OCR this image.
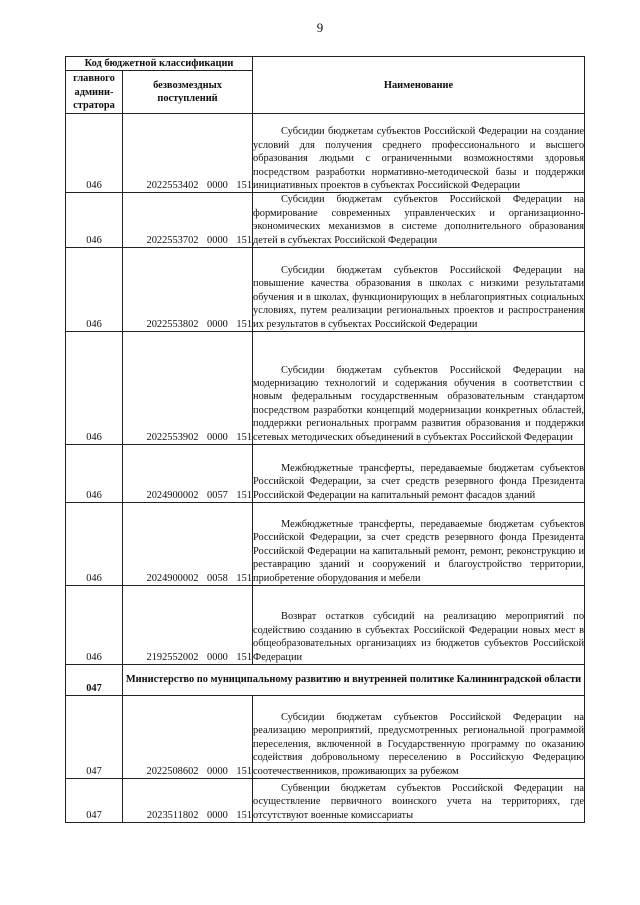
9
Код бюджетной классификации		Наименование
главного админи-стратора	безвозмездных поступлений	
046	2022553402 0000 151	Субсидии бюджетам субъектов Российской Федерации на создание условий для получения среднего профессионального и высшего образования людьми с ограниченными возможностями здоровья посредством разработки нормативно-методической базы и поддержки инициативных проектов в субъектах Российской Федерации
046	2022553702 0000 151	Субсидии бюджетам субъектов Российской Федерации на формирование современных управленческих и организационно-экономических механизмов в системе дополнительного образования детей в субъектах Российской Федерации
046	2022553802 0000 151	Субсидии бюджетам субъектов Российской Федерации на повышение качества образования в школах с низкими результатами обучения и в школах, функционирующих в неблагоприятных социальных условиях, путем реализации региональных проектов и распространения их результатов в субъектах Российской Федерации
046	2022553902 0000 151	Субсидии бюджетам субъектов Российской Федерации на модернизацию технологий и содержания обучения в соответствии с новым федеральным государственным образовательным стандартом посредством разработки концепций модернизации конкретных областей, поддержки региональных программ развития образования и поддержки сетевых методических объединений в субъектах Российской Федерации
046	2024900002 0057 151	Межбюджетные трансферты, передаваемые бюджетам субъектов Российской Федерации, за счет средств резервного фонда Президента Российской Федерации на капитальный ремонт фасадов зданий
046	2024900002 0058 151	Межбюджетные трансферты, передаваемые бюджетам субъектов Российской Федерации, за счет средств резервного фонда Президента Российской Федерации на капитальный ремонт, ремонт, реконструкцию и реставрацию зданий и сооружений и благоустройство территории, приобретение оборудования и мебели
046	2192552002 0000 151	Возврат остатков субсидий на реализацию мероприятий по содействию созданию в субъектах Российской Федерации новых мест в общеобразовательных организациях из бюджетов субъектов Российской Федерации
047	Министерство по муниципальному развитию и внутренней политике Калининградской области	
047	2022508602 0000 151	Субсидии бюджетам субъектов Российской Федерации на реализацию мероприятий, предусмотренных региональной программой переселения, включенной в Государственную программу по оказанию содействия добровольному переселению в Российскую Федерацию соотечественников, проживающих за рубежом
047	2023511802 0000 151	Субвенции бюджетам субъектов Российской Федерации на осуществление первичного воинского учета на территориях, где отсутствуют военные комиссариаты
